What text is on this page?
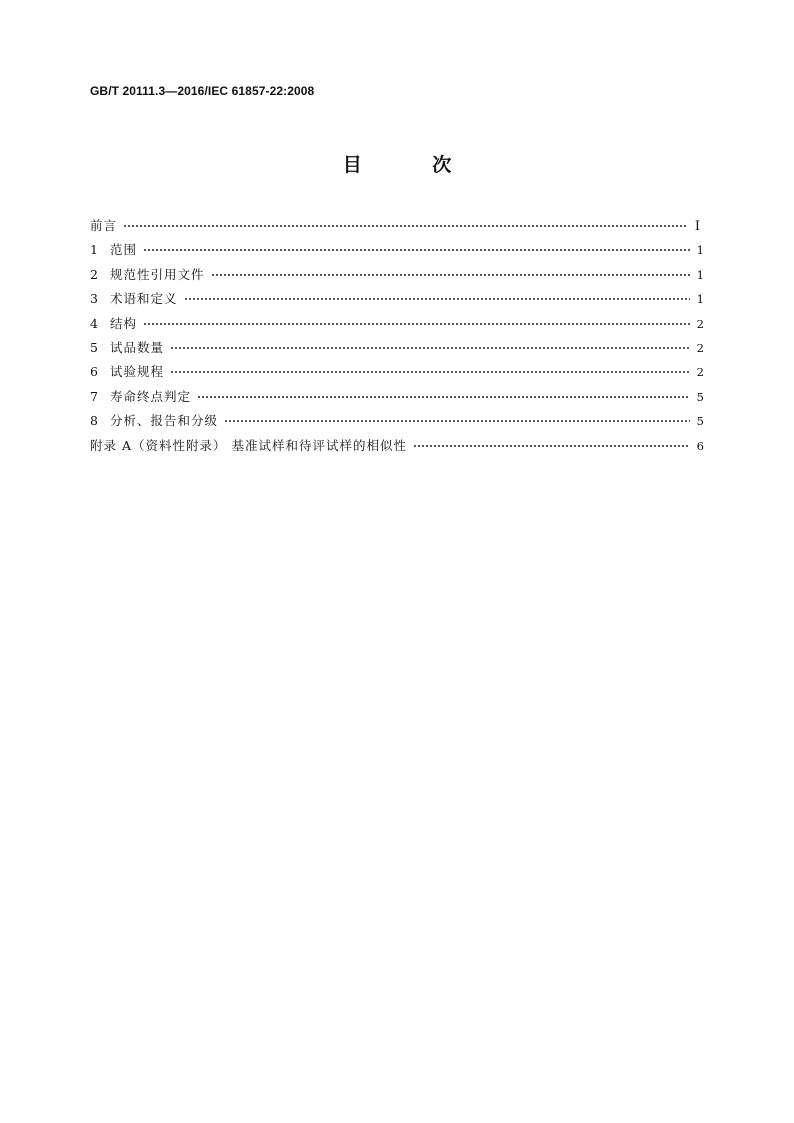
GB/T 20111.3—2016/IEC 61857-22:2008
目 次
前言	I
1 范围	1
2 规范性引用文件	1
3 术语和定义	1
4 结构	2
5 试品数量	2
6 试验规程	2
7 寿命终点判定	5
8 分析、报告和分级	5
附录 A（资料性附录） 基准试样和待评试样的相似性	6
